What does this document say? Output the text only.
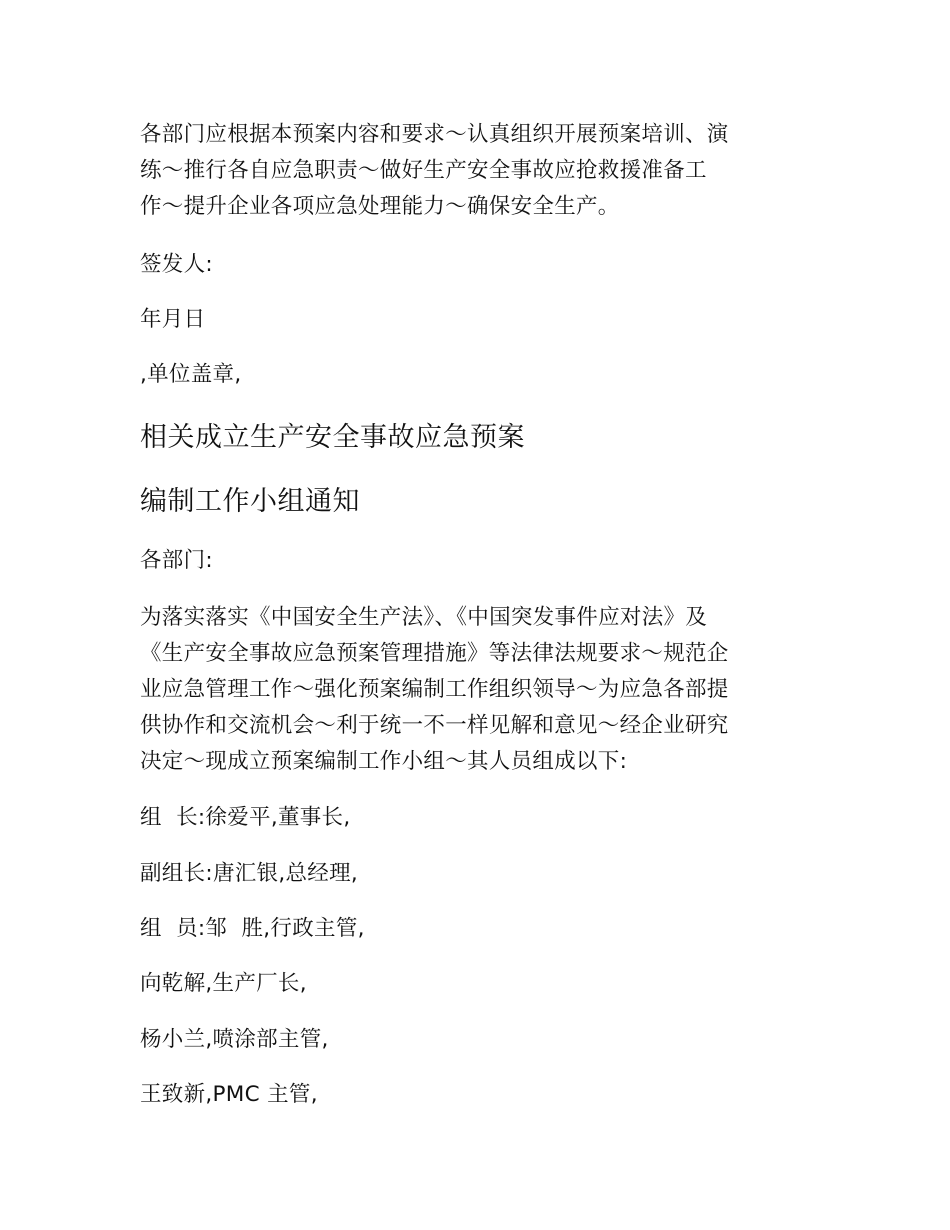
各部门应根据本预案内容和要求～认真组织开展预案培训、演
练～推行各自应急职责～做好生产安全事故应抢救援准备工
作～提升企业各项应急处理能力～确保安全生产。

签发人:

年月日

,单位盖章,

相关成立生产安全事故应急预案
编制工作小组通知

各部门:

为落实落实《中国安全生产法》、《中国突发事件应对法》及
《生产安全事故应急预案管理措施》等法律法规要求～规范企
业应急管理工作～强化预案编制工作组织领导～为应急各部提
供协作和交流机会～利于统一不一样见解和意见～经企业研究
决定～现成立预案编制工作小组～其人员组成以下:

组  长:徐爱平,董事长,

副组长:唐汇银,总经理,

组  员:邹  胜,行政主管,

向乾解,生产厂长,

杨小兰,喷涂部主管,

王致新,PMC 主管,
